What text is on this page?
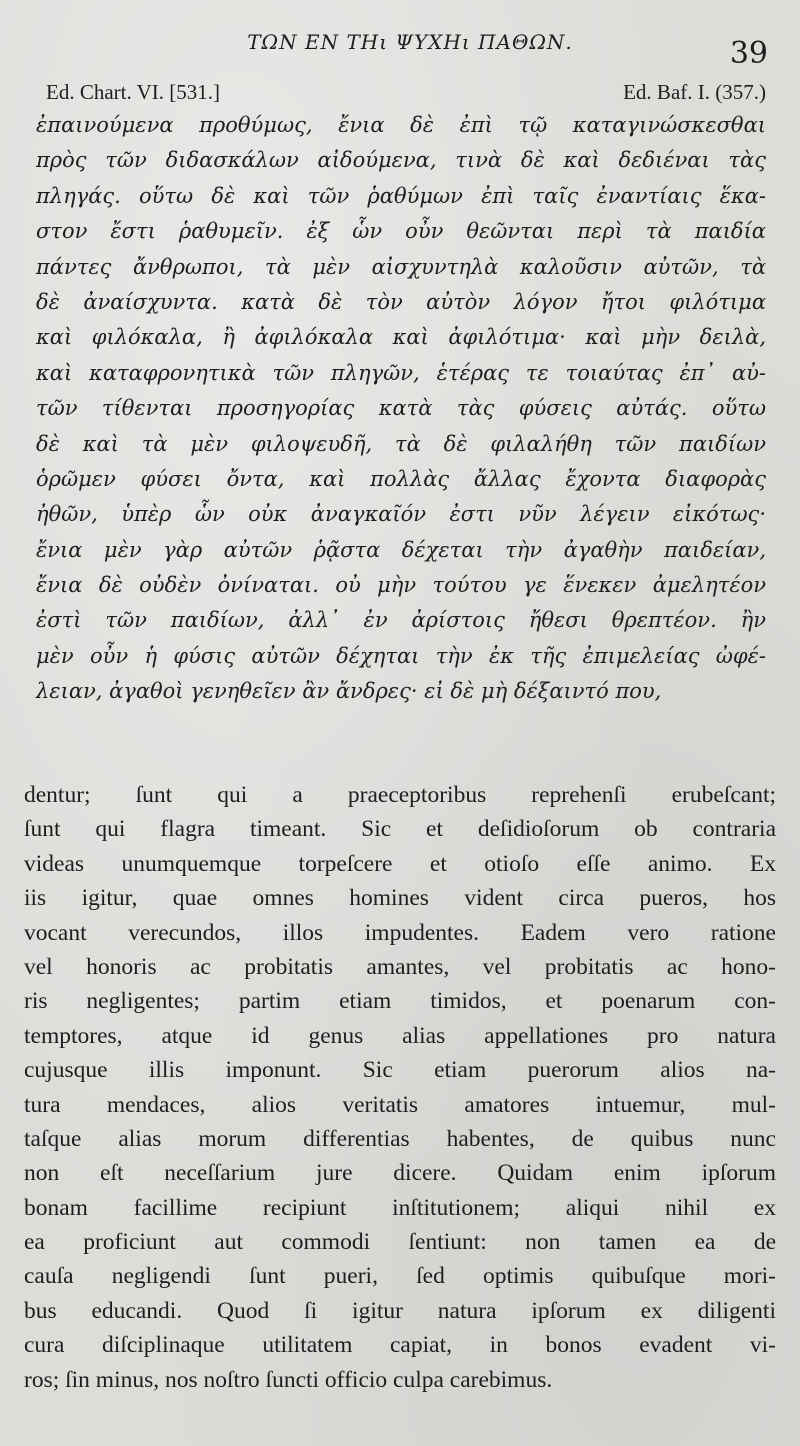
ΤΩΝ ΕΝ ΤΗι ΨΥΧΗι ΠΑΘΩΝ.	39
Ed. Chart. VI. [531.]	Ed. Baf. I. (357.)
ἐπαινούμενα προθύμως, ἔνια δὲ ἐπὶ τῷ καταγινώσκεσθαι
πρὸς τῶν διδασκάλων αἰδούμενα, τινὰ δὲ καὶ δεδιέναι τὰς
πληγάς. οὕτω δὲ καὶ τῶν ῥαθύμων ἐπὶ ταῖς ἐναντίαις ἕκα-
στον ἔστι ῥαθυμεῖν. ἐξ ὧν οὖν θεῶνται περὶ τὰ παιδία
πάντες ἄνθρωποι, τὰ μὲν αἰσχυντηλὰ καλοῦσιν αὐτῶν, τὰ
δὲ ἀναίσχυντα. κατὰ δὲ τὸν αὐτὸν λόγον ἤτοι φιλότιμα
καὶ φιλόκαλα, ἢ ἀφιλόκαλα καὶ ἀφιλότιμα· καὶ μὴν δειλὰ,
καὶ καταφρονητικὰ τῶν πληγῶν, ἑτέρας τε τοιαύτας ἐπ᾽ αὐ-
τῶν τίθενται προσηγορίας κατὰ τὰς φύσεις αὐτάς. οὕτω
δὲ καὶ τὰ μὲν φιλοψευδῆ, τὰ δὲ φιλαλήθη τῶν παιδίων
ὁρῶμεν φύσει ὄντα, καὶ πολλὰς ἄλλας ἔχοντα διαφορὰς
ἠθῶν, ὑπὲρ ὧν οὐκ ἀναγκαῖόν ἐστι νῦν λέγειν εἰκότως·
ἔνια μὲν γὰρ αὐτῶν ῥᾷστα δέχεται τὴν ἀγαθὴν παιδείαν,
ἔνια δὲ οὐδὲν ὀνίναται. οὐ μὴν τούτου γε ἕνεκεν ἀμελητέον
ἐστὶ τῶν παιδίων, ἀλλ᾽ ἐν ἀρίστοις ἤθεσι θρεπτέον. ἢν
μὲν οὖν ἡ φύσις αὐτῶν δέχηται τὴν ἐκ τῆς ἐπιμελείας ὠφέ-
λειαν, ἀγαθοὶ γενηθεῖεν ἂν ἄνδρες· εἰ δὲ μὴ δέξαιντό που,
dentur; ſunt qui a praeceptoribus reprehenſi erubeſcant;
ſunt qui flagra timeant. Sic et deſidioſorum ob contraria
videas unumquemque torpeſcere et otioſo eſſe animo. Ex
iis igitur, quae omnes homines vident circa pueros, hos
vocant verecundos, illos impudentes. Eadem vero ratione
vel honoris ac probitatis amantes, vel probitatis ac hono-
ris negligentes; partim etiam timidos, et poenarum con-
temptores, atque id genus alias appellationes pro natura
cujusque illis imponunt. Sic etiam puerorum alios na-
tura mendaces, alios veritatis amatores intuemur, mul-
taſque alias morum differentias habentes, de quibus nunc
non eſt neceſſarium jure dicere. Quidam enim ipſorum
bonam facillime recipiunt inſtitutionem; aliqui nihil ex
ea proficiunt aut commodi ſentiunt: non tamen ea de
cauſa negligendi ſunt pueri, ſed optimis quibuſque mori-
bus educandi. Quod ſi igitur natura ipſorum ex diligenti
cura diſciplinaque utilitatem capiat, in bonos evadent vi-
ros; ſin minus, nos noſtro ſuncti officio culpa carebimus.
